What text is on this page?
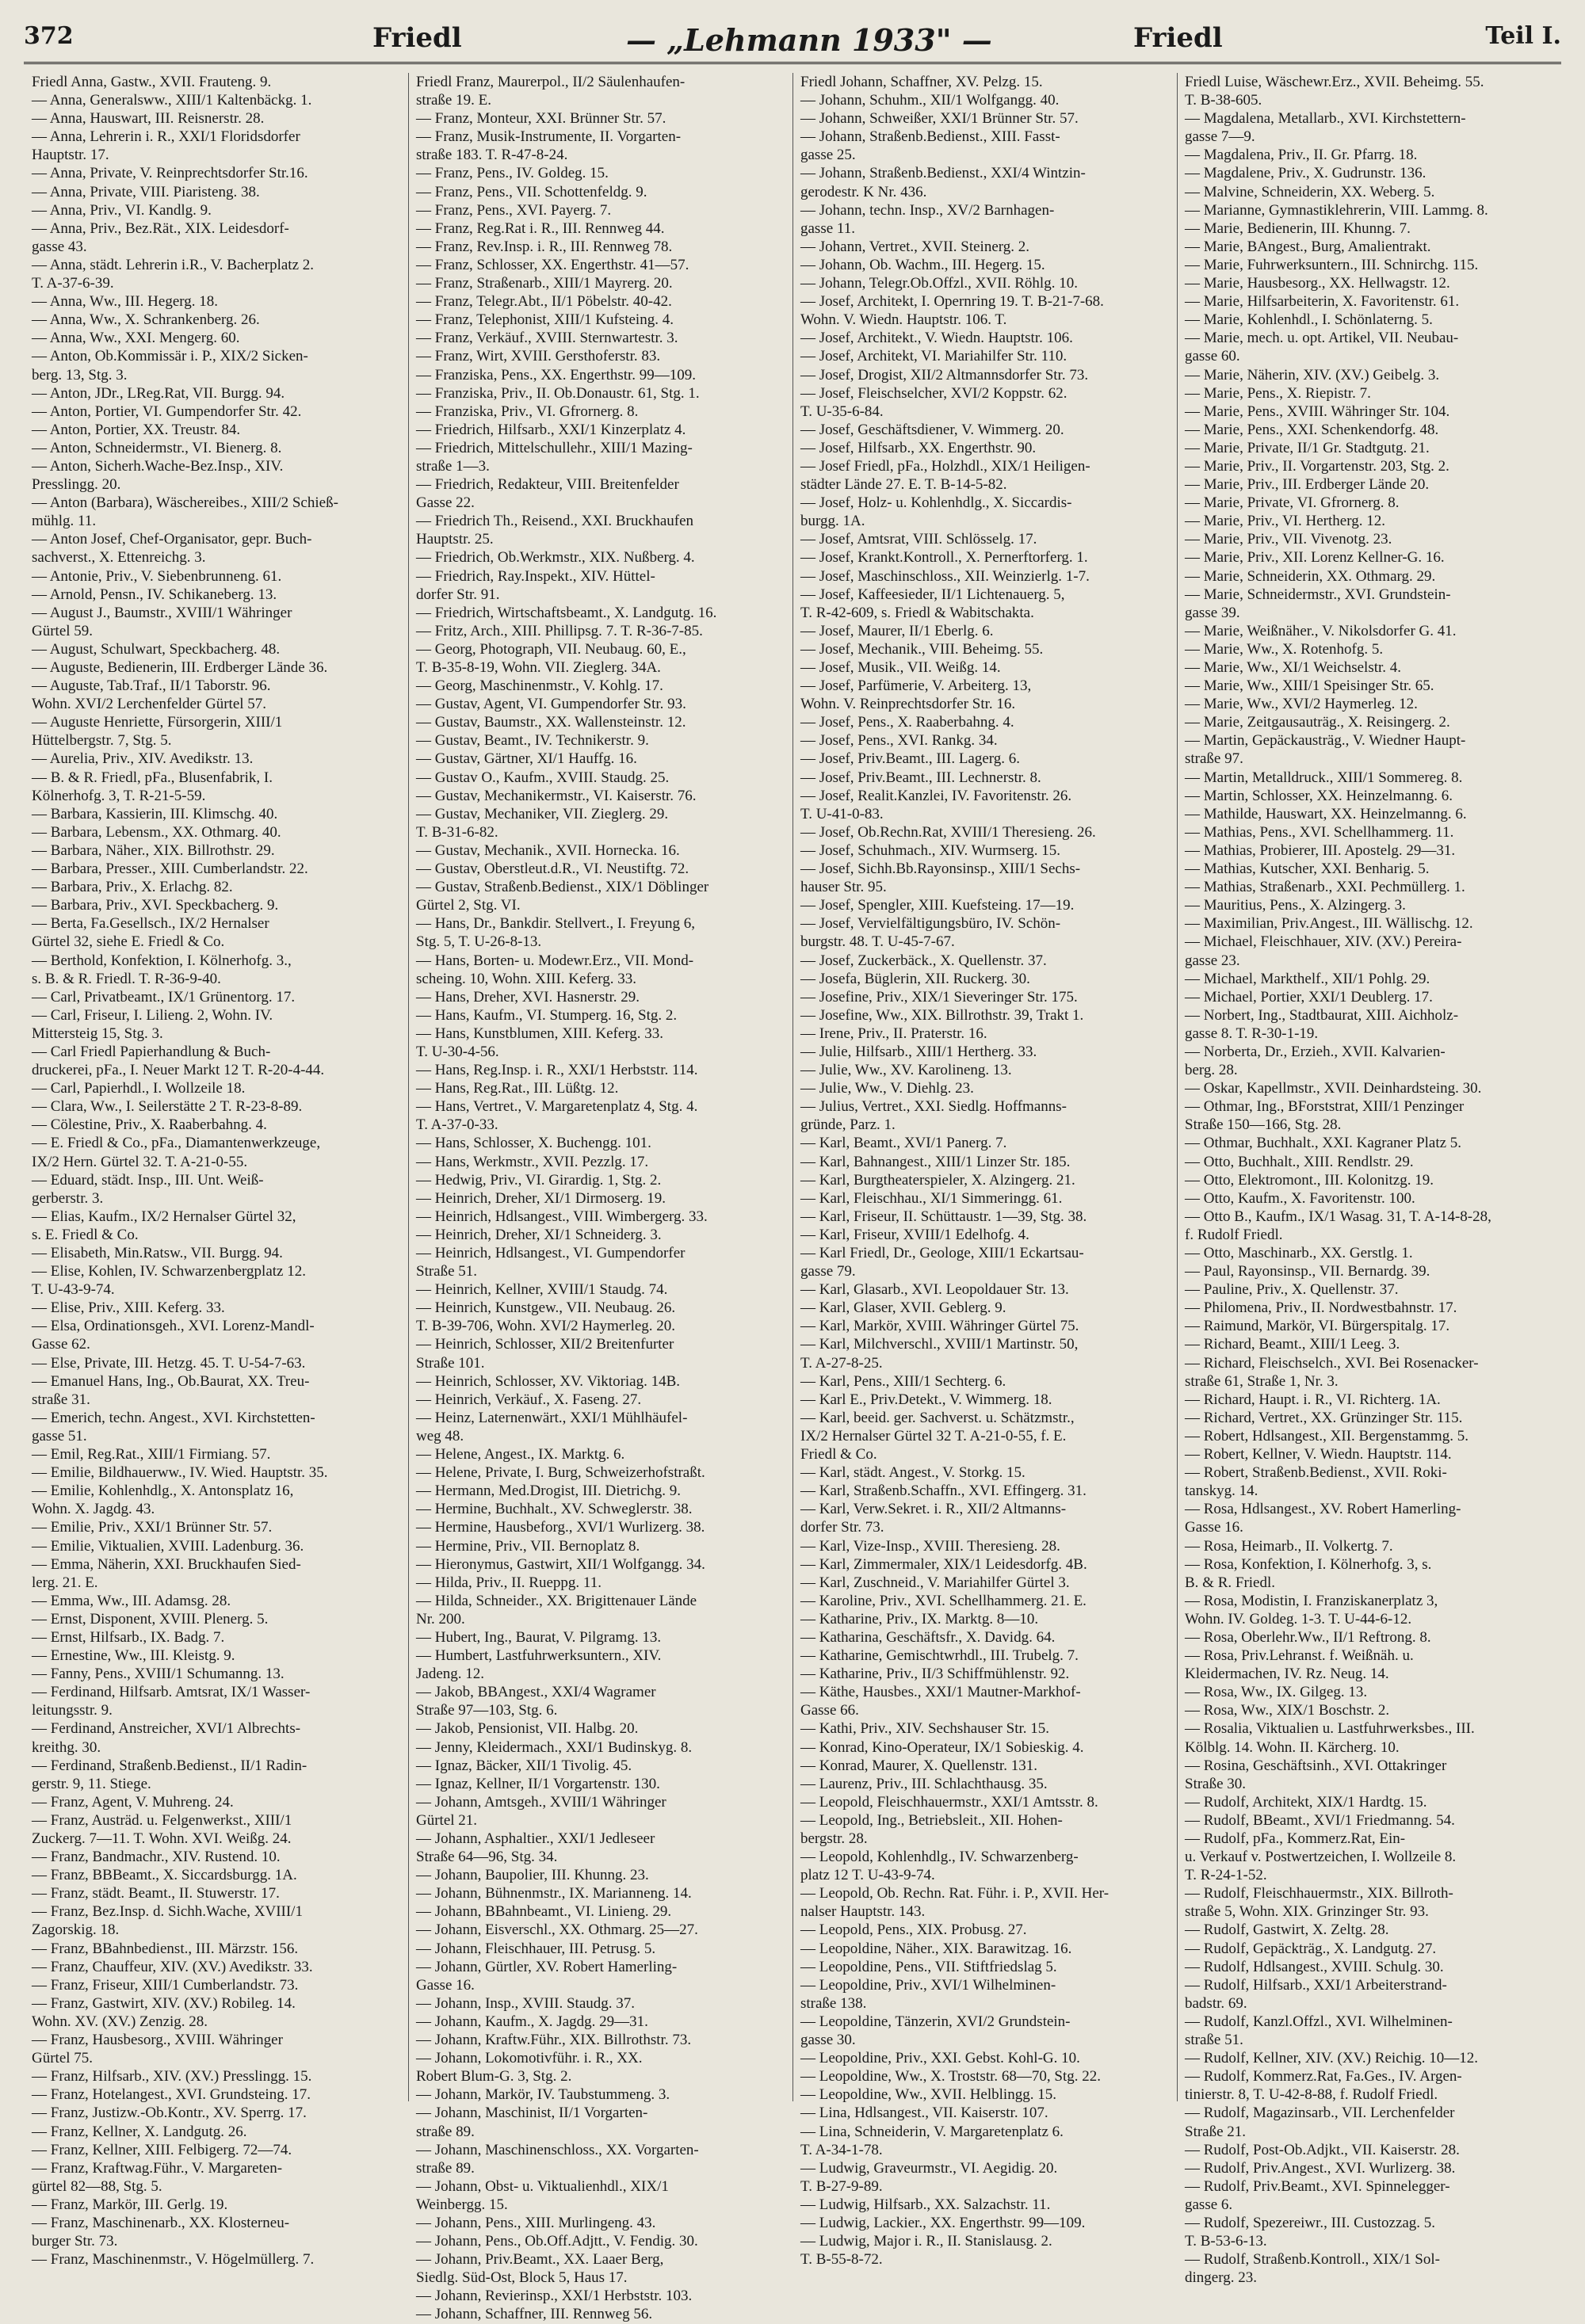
372	Friedl	— „Lehmann 1933" —	Friedl	Teil I.
Friedl Anna, Gastw., XVII. Frauteng. 9.
— Anna, Generalsww., XIII/1 Kaltenbäckg. 1.
— Anna, Hauswart, III. Reisnerstr. 28.
— Anna, Lehrerin i. R., XXI/1 Floridsdorfer
Hauptstr. 17.
— Anna, Private, V. Reinprechtsdorfer Str.16.
— Anna, Private, VIII. Piaristeng. 38.
— Anna, Priv., VI. Kandlg. 9.
— Anna, Priv., Bez.Rät., XIX. Leidesdorf-
gasse 43.
— Anna, städt. Lehrerin i.R., V. Bacherplatz 2.
T. A-37-6-39.
— Anna, Ww., III. Hegerg. 18.
— Anna, Ww., X. Schrankenberg. 26.
— Anna, Ww., XXI. Mengerg. 60.
— Anton, Ob.Kommissär i. P., XIX/2 Sicken-
berg. 13, Stg. 3.
— Anton, JDr., LReg.Rat, VII. Burgg. 94.
— Anton, Portier, VI. Gumpendorfer Str. 42.
— Anton, Portier, XX. Treustr. 84.
— Anton, Schneidermstr., VI. Bienerg. 8.
— Anton, Sicherh.Wache-Bez.Insp., XIV.
Presslingg. 20.
— Anton (Barbara), Wäschereibes., XIII/2 Schieß-
mühlg. 11.
— Anton Josef, Chef-Organisator, gepr. Buch-
sachverst., X. Ettenreichg. 3.
— Antonie, Priv., V. Siebenbrunneng. 61.
— Arnold, Pensn., IV. Schikaneberg. 13.
— August J., Baumstr., XVIII/1 Währinger
Gürtel 59.
— August, Schulwart, Speckbacherg. 48.
— Auguste, Bedienerin, III. Erdberger Lände 36.
— Auguste, Tab.Traf., II/1 Taborstr. 96.
Wohn. XVI/2 Lerchenfelder Gürtel 57.
— Auguste Henriette, Fürsorgerin, XIII/1
Hüttelbergstr. 7, Stg. 5.
— Aurelia, Priv., XIV. Avedikstr. 13.
— B. & R. Friedl, pFa., Blusenfabrik, I.
Kölnerhofg. 3, T. R-21-5-59.
— Barbara, Kassierin, III. Klimschg. 40.
— Barbara, Lebensm., XX. Othmarg. 40.
— Barbara, Näher., XIX. Billrothstr. 29.
— Barbara, Presser., XIII. Cumberlandstr. 22.
— Barbara, Priv., X. Erlachg. 82.
— Barbara, Priv., XVI. Speckbacherg. 9.
— Berta, Fa.Gesellsch., IX/2 Hernalser
Gürtel 32, siehe E. Friedl & Co.
— Berthold, Konfektion, I. Kölnerhofg. 3.,
s. B. & R. Friedl. T. R-36-9-40.
— Carl, Privatbeamt., IX/1 Grünentorg. 17.
— Carl, Friseur, I. Lilieng. 2, Wohn. IV.
Mittersteig 15, Stg. 3.
— Carl Friedl Papierhandlung & Buch-
druckerei, pFa., I. Neuer Markt 12 T. R-20-4-44.
— Carl, Papierhdl., I. Wollzeile 18.
— Clara, Ww., I. Seilerstätte 2 T. R-23-8-89.
— Cölestine, Priv., X. Raaberbahng. 4.
— E. Friedl & Co., pFa., Diamantenwerkzeuge,
IX/2 Hern. Gürtel 32. T. A-21-0-55.
— Eduard, städt. Insp., III. Unt. Weiß-
gerberstr. 3.
— Elias, Kaufm., IX/2 Hernalser Gürtel 32,
s. E. Friedl & Co.
— Elisabeth, Min.Ratsw., VII. Burgg. 94.
— Elise, Kohlen, IV. Schwarzenbergplatz 12.
T. U-43-9-74.
— Elise, Priv., XIII. Keferg. 33.
— Elsa, Ordinationsgeh., XVI. Lorenz-Mandl-
Gasse 62.
— Else, Private, III. Hetzg. 45. T. U-54-7-63.
— Emanuel Hans, Ing., Ob.Baurat, XX. Treu-
straße 31.
— Emerich, techn. Angest., XVI. Kirchstetten-
gasse 51.
— Emil, Reg.Rat., XIII/1 Firmiang. 57.
— Emilie, Bildhauerww., IV. Wied. Hauptstr. 35.
— Emilie, Kohlenhdlg., X. Antonsplatz 16,
Wohn. X. Jagdg. 43.
— Emilie, Priv., XXI/1 Brünner Str. 57.
— Emilie, Viktualien, XVIII. Ladenburg. 36.
— Emma, Näherin, XXI. Bruckhaufen Sied-
lerg. 21. E.
— Emma, Ww., III. Adamsg. 28.
— Ernst, Disponent, XVIII. Plenerg. 5.
— Ernst, Hilfsarb., IX. Badg. 7.
— Ernestine, Ww., III. Kleistg. 9.
— Fanny, Pens., XVIII/1 Schumanng. 13.
— Ferdinand, Hilfsarb. Amtsrat, IX/1 Wasser-
leitungsstr. 9.
— Ferdinand, Anstreicher, XVI/1 Albrechts-
kreithg. 30.
— Ferdinand, Straßenb.Bedienst., II/1 Radin-
gerstr. 9, 11. Stiege.
— Franz, Agent, V. Muhreng. 24.
— Franz, Austräd. u. Felgenwerkst., XIII/1
Zuckerg. 7—11. T. Wohn. XVI. Weißg. 24.
— Franz, Bandmachr., XIV. Rustend. 10.
— Franz, BBBeamt., X. Siccardsburgg. 1A.
— Franz, städt. Beamt., II. Stuwerstr. 17.
— Franz, Bez.Insp. d. Sichh.Wache, XVIII/1
Zagorskig. 18.
— Franz, BBahnbedienst., III. Märzstr. 156.
— Franz, Chauffeur, XIV. (XV.) Avedikstr. 33.
— Franz, Friseur, XIII/1 Cumberlandstr. 73.
— Franz, Gastwirt, XIV. (XV.) Robileg. 14.
Wohn. XV. (XV.) Zenzig. 28.
— Franz, Hausbesorg., XVIII. Währinger
Gürtel 75.
— Franz, Hilfsarb., XIV. (XV.) Presslingg. 15.
— Franz, Hotelangest., XVI. Grundsteing. 17.
— Franz, Justizw.-Ob.Kontr., XV. Sperrg. 17.
— Franz, Kellner, X. Landgutg. 26.
— Franz, Kellner, XIII. Felbigerg. 72—74.
— Franz, Kraftwag.Führ., V. Margareten-
gürtel 82—88, Stg. 5.
— Franz, Markör, III. Gerlg. 19.
— Franz, Maschinenarb., XX. Klosterneu-
burger Str. 73.
— Franz, Maschinenmstr., V. Högelmüllerg. 7.
Friedl Franz, Maurerpol., II/2 Säulenhaufen-
straße 19. E.
— Franz, Monteur, XXI. Brünner Str. 57.
— Franz, Musik-Instrumente, II. Vorgarten-
straße 183. T. R-47-8-24.
— Franz, Pens., IV. Goldeg. 15.
— Franz, Pens., VII. Schottenfeldg. 9.
— Franz, Pens., XVI. Payerg. 7.
— Franz, Reg.Rat i. R., III. Rennweg 44.
— Franz, Rev.Insp. i. R., III. Rennweg 78.
— Franz, Schlosser, XX. Engerthstr. 41—57.
— Franz, Straßenarb., XIII/1 Mayrerg. 20.
— Franz, Telegr.Abt., II/1 Pöbelstr. 40-42.
— Franz, Telephonist, XIII/1 Kufsteing. 4.
— Franz, Verkäuf., XVIII. Sternwartestr. 3.
— Franz, Wirt, XVIII. Gersthoferstr. 83.
— Franziska, Pens., XX. Engerthstr. 99—109.
— Franziska, Priv., II. Ob.Donaustr. 61, Stg. 1.
— Franziska, Priv., VI. Gfrornerg. 8.
— Friedrich, Hilfsarb., XXI/1 Kinzerplatz 4.
— Friedrich, Mittelschullehr., XIII/1 Mazing-
straße 1—3.
— Friedrich, Redakteur, VIII. Breitenfelder
Gasse 22.
— Friedrich Th., Reisend., XXI. Bruckhaufen
Hauptstr. 25.
— Friedrich, Ob.Werkmstr., XIX. Nußberg. 4.
— Friedrich, Ray.Inspekt., XIV. Hüttel-
dorfer Str. 91.
— Friedrich, Wirtschaftsbeamt., X. Landgutg. 16.
— Fritz, Arch., XIII. Phillipsg. 7. T. R-36-7-85.
— Georg, Photograph, VII. Neubaug. 60, E.,
T. B-35-8-19, Wohn. VII. Zieglerg. 34A.
— Georg, Maschinenmstr., V. Kohlg. 17.
— Gustav, Agent, VI. Gumpendorfer Str. 93.
— Gustav, Baumstr., XX. Wallensteinstr. 12.
— Gustav, Beamt., IV. Technikerstr. 9.
— Gustav, Gärtner, XI/1 Hauffg. 16.
— Gustav O., Kaufm., XVIII. Staudg. 25.
— Gustav, Mechanikermstr., VI. Kaiserstr. 76.
— Gustav, Mechaniker, VII. Zieglerg. 29.
T. B-31-6-82.
— Gustav, Mechanik., XVII. Hornecka. 16.
— Gustav, Oberstleut.d.R., VI. Neustiftg. 72.
— Gustav, Straßenb.Bedienst., XIX/1 Döblinger
Gürtel 2, Stg. VI.
— Hans, Dr., Bankdir. Stellvert., I. Freyung 6,
Stg. 5, T. U-26-8-13.
— Hans, Borten- u. Modewr.Erz., VII. Mond-
scheing. 10, Wohn. XIII. Keferg. 33.
— Hans, Dreher, XVI. Hasnerstr. 29.
— Hans, Kaufm., VI. Stumperg. 16, Stg. 2.
— Hans, Kunstblumen, XIII. Keferg. 33.
T. U-30-4-56.
— Hans, Reg.Insp. i. R., XXI/1 Herbststr. 114.
— Hans, Reg.Rat., III. Lüßtg. 12.
— Hans, Vertret., V. Margaretenplatz 4, Stg. 4.
T. A-37-0-33.
— Hans, Schlosser, X. Buchengg. 101.
— Hans, Werkmstr., XVII. Pezzlg. 17.
— Hedwig, Priv., VI. Girardig. 1, Stg. 2.
— Heinrich, Dreher, XI/1 Dirmoserg. 19.
— Heinrich, Hdlsangest., VIII. Wimbergerg. 33.
— Heinrich, Dreher, XI/1 Schneiderg. 3.
— Heinrich, Hdlsangest., VI. Gumpendorfer
Straße 51.
— Heinrich, Kellner, XVIII/1 Staudg. 74.
— Heinrich, Kunstgew., VII. Neubaug. 26.
T. B-39-706, Wohn. XVI/2 Haymerleg. 20.
— Heinrich, Schlosser, XII/2 Breitenfurter
Straße 101.
— Heinrich, Schlosser, XV. Viktoriag. 14B.
— Heinrich, Verkäuf., X. Faseng. 27.
— Heinz, Laternenwärt., XXI/1 Mühlhäufel-
weg 48.
— Helene, Angest., IX. Marktg. 6.
— Helene, Private, I. Burg, Schweizerhofstraßt.
— Hermann, Med.Drogist, III. Dietrichg. 9.
— Hermine, Buchhalt., XV. Schweglerstr. 38.
— Hermine, Hausbeforg., XVI/1 Wurlizerg. 38.
— Hermine, Priv., VII. Bernoplatz 8.
— Hieronymus, Gastwirt, XII/1 Wolfgangg. 34.
— Hilda, Priv., II. Rueppg. 11.
— Hilda, Schneider., XX. Brigittenauer Lände
Nr. 200.
— Hubert, Ing., Baurat, V. Pilgramg. 13.
— Humbert, Lastfuhrwerksuntern., XIV.
Jadeng. 12.
— Jakob, BBAngest., XXI/4 Wagramer
Straße 97—103, Stg. 6.
— Jakob, Pensionist, VII. Halbg. 20.
— Jenny, Kleidermach., XXI/1 Budinskyg. 8.
— Ignaz, Bäcker, XII/1 Tivolig. 45.
— Ignaz, Kellner, II/1 Vorgartenstr. 130.
— Johann, Amtsgeh., XVIII/1 Währinger
Gürtel 21.
— Johann, Asphaltier., XXI/1 Jedleseer
Straße 64—96, Stg. 34.
— Johann, Baupolier, III. Khunng. 23.
— Johann, Bühnenmstr., IX. Marianneng. 14.
— Johann, BBahnbeamt., VI. Linieng. 29.
— Johann, Eisverschl., XX. Othmarg. 25—27.
— Johann, Fleischhauer, III. Petrusg. 5.
— Johann, Gürtler, XV. Robert Hamerling-
Gasse 16.
— Johann, Insp., XVIII. Staudg. 37.
— Johann, Kaufm., X. Jagdg. 29—31.
— Johann, Kraftw.Führ., XIX. Billrothstr. 73.
— Johann, Lokomotivführ. i. R., XX.
Robert Blum-G. 3, Stg. 2.
— Johann, Markör, IV. Taubstummeng. 3.
— Johann, Maschinist, II/1 Vorgarten-
straße 89.
— Johann, Maschinenschloss., XX. Vorgarten-
straße 89.
— Johann, Obst- u. Viktualienhdl., XIX/1
Weinbergg. 15.
— Johann, Pens., XIII. Murlingeng. 43.
— Johann, Pens., Ob.Off.Adjtt., V. Fendig. 30.
— Johann, Priv.Beamt., XX. Laaer Berg,
Siedlg. Süd-Ost, Block 5, Haus 17.
— Johann, Revierinsp., XXI/1 Herbststr. 103.
— Johann, Schaffner, III. Rennweg 56.
Friedl Johann, Schaffner, XV. Pelzg. 15.
— Johann, Schuhm., XII/1 Wolfgangg. 40.
— Johann, Schweißer, XXI/1 Brünner Str. 57.
— Johann, Straßenb.Bedienst., XIII. Fasst-
gasse 25.
— Johann, Straßenb.Bedienst., XXI/4 Wintzin-
gerodestr. K Nr. 436.
— Johann, techn. Insp., XV/2 Barnhagen-
gasse 11.
— Johann, Vertret., XVII. Steinerg. 2.
— Johann, Ob. Wachm., III. Hegerg. 15.
— Johann, Telegr.Ob.Offzl., XVII. Röhlg. 10.
— Josef, Architekt, I. Opernring 19. T. B-21-7-68.
Wohn. V. Wiedn. Hauptstr. 106. T.
— Josef, Architekt., V. Wiedn. Hauptstr. 106.
— Josef, Architekt, VI. Mariahilfer Str. 110.
— Josef, Drogist, XII/2 Altmannsdorfer Str. 73.
— Josef, Fleischselcher, XVI/2 Koppstr. 62.
T. U-35-6-84.
— Josef, Geschäftsdiener, V. Wimmerg. 20.
— Josef, Hilfsarb., XX. Engerthstr. 90.
— Josef Friedl, pFa., Holzhdl., XIX/1 Heiligen-
städter Lände 27. E. T. B-14-5-82.
— Josef, Holz- u. Kohlenhdlg., X. Siccardis-
burgg. 1A.
— Josef, Amtsrat, VIII. Schlösselg. 17.
— Josef, Krankt.Kontroll., X. Pernerftorferg. 1.
— Josef, Maschinschloss., XII. Weinzierlg. 1-7.
— Josef, Kaffeesieder, II/1 Lichtenauerg. 5,
T. R-42-609, s. Friedl & Wabitschakta.
— Josef, Maurer, II/1 Eberlg. 6.
— Josef, Mechanik., VIII. Beheimg. 55.
— Josef, Musik., VII. Weißg. 14.
— Josef, Parfümerie, V. Arbeiterg. 13,
Wohn. V. Reinprechtsdorfer Str. 16.
— Josef, Pens., X. Raaberbahng. 4.
— Josef, Pens., XVI. Rankg. 34.
— Josef, Priv.Beamt., III. Lagerg. 6.
— Josef, Priv.Beamt., III. Lechnerstr. 8.
— Josef, Realit.Kanzlei, IV. Favoritenstr. 26.
T. U-41-0-83.
— Josef, Ob.Rechn.Rat, XVIII/1 Theresieng. 26.
— Josef, Schuhmach., XIV. Wurmserg. 15.
— Josef, Sichh.Bb.Rayonsinsp., XIII/1 Sechs-
hauser Str. 95.
— Josef, Spengler, XIII. Kuefsteing. 17—19.
— Josef, Vervielfältigungsbüro, IV. Schön-
burgstr. 48. T. U-45-7-67.
— Josef, Zuckerbäck., X. Quellenstr. 37.
— Josefa, Büglerin, XII. Ruckerg. 30.
— Josefine, Priv., XIX/1 Sieveringer Str. 175.
— Josefine, Ww., XIX. Billrothstr. 39, Trakt 1.
— Irene, Priv., II. Praterstr. 16.
— Julie, Hilfsarb., XIII/1 Hertherg. 33.
— Julie, Ww., XV. Karolineng. 13.
— Julie, Ww., V. Diehlg. 23.
— Julius, Vertret., XXI. Siedlg. Hoffmanns-
gründe, Parz. 1.
— Karl, Beamt., XVI/1 Panerg. 7.
— Karl, Bahnangest., XIII/1 Linzer Str. 185.
— Karl, Burgtheaterspieler, X. Alzingerg. 21.
— Karl, Fleischhau., XI/1 Simmeringg. 61.
— Karl, Friseur, II. Schüttaustr. 1—39, Stg. 38.
— Karl, Friseur, XVIII/1 Edelhofg. 4.
— Karl Friedl, Dr., Geologe, XIII/1 Eckartsau-
gasse 79.
— Karl, Glasarb., XVI. Leopoldauer Str. 13.
— Karl, Glaser, XVII. Geblerg. 9.
— Karl, Markör, XVIII. Währinger Gürtel 75.
— Karl, Milchverschl., XVIII/1 Martinstr. 50,
T. A-27-8-25.
— Karl, Pens., XIII/1 Sechterg. 6.
— Karl E., Priv.Detekt., V. Wimmerg. 18.
— Karl, beeid. ger. Sachverst. u. Schätzmstr.,
IX/2 Hernalser Gürtel 32 T. A-21-0-55, f. E.
Friedl & Co.
— Karl, städt. Angest., V. Storkg. 15.
— Karl, Straßenb.Schaffn., XVI. Effingerg. 31.
— Karl, Verw.Sekret. i. R., XII/2 Altmanns-
dorfer Str. 73.
— Karl, Vize-Insp., XVIII. Theresieng. 28.
— Karl, Zimmermaler, XIX/1 Leidesdorfg. 4B.
— Karl, Zuschneid., V. Mariahilfer Gürtel 3.
— Karoline, Priv., XVI. Schellhammerg. 21. E.
— Katharine, Priv., IX. Marktg. 8—10.
— Katharina, Geschäftsfr., X. Davidg. 64.
— Katharine, Gemischtwrhdl., III. Trubelg. 7.
— Katharine, Priv., II/3 Schiffmühlenstr. 92.
— Käthe, Hausbes., XXI/1 Mautner-Markhof-
Gasse 66.
— Kathi, Priv., XIV. Sechshauser Str. 15.
— Konrad, Kino-Operateur, IX/1 Sobieskig. 4.
— Konrad, Maurer, X. Quellenstr. 131.
— Laurenz, Priv., III. Schlachthausg. 35.
— Leopold, Fleischhauermstr., XXI/1 Amtsstr. 8.
— Leopold, Ing., Betriebsleit., XII. Hohen-
bergstr. 28.
— Leopold, Kohlenhdlg., IV. Schwarzenberg-
platz 12 T. U-43-9-74.
— Leopold, Ob. Rechn. Rat. Führ. i. P., XVII. Her-
nalser Hauptstr. 143.
— Leopold, Pens., XIX. Probusg. 27.
— Leopoldine, Näher., XIX. Barawitzag. 16.
— Leopoldine, Pens., VII. Stiftfriedslag 5.
— Leopoldine, Priv., XVI/1 Wilhelminen-
straße 138.
— Leopoldine, Tänzerin, XVI/2 Grundstein-
gasse 30.
— Leopoldine, Priv., XXI. Gebst. Kohl-G. 10.
— Leopoldine, Ww., X. Troststr. 68—70, Stg. 22.
— Leopoldine, Ww., XVII. Helblingg. 15.
— Lina, Hdlsangest., VII. Kaiserstr. 107.
— Lina, Schneiderin, V. Margaretenplatz 6.
T. A-34-1-78.
— Ludwig, Graveurmstr., VI. Aegidig. 20.
T. B-27-9-89.
— Ludwig, Hilfsarb., XX. Salzachstr. 11.
— Ludwig, Lackier., XX. Engerthstr. 99—109.
— Ludwig, Major i. R., II. Stanislausg. 2.
T. B-55-8-72.
Friedl Luise, Wäschewr.Erz., XVII. Beheimg. 55.
T. B-38-605.
— Magdalena, Metallarb., XVI. Kirchstettern-
gasse 7—9.
— Magdalena, Priv., II. Gr. Pfarrg. 18.
— Magdalene, Priv., X. Gudrunstr. 136.
— Malvine, Schneiderin, XX. Weberg. 5.
— Marianne, Gymnastiklehrerin, VIII. Lammg. 8.
— Marie, Bedienerin, III. Khunng. 7.
— Marie, BAngest., Burg, Amalientrakt.
— Marie, Fuhrwerksuntern., III. Schnirchg. 115.
— Marie, Hausbesorg., XX. Hellwagstr. 12.
— Marie, Hilfsarbeiterin, X. Favoritenstr. 61.
— Marie, Kohlenhdl., I. Schönlaterng. 5.
— Marie, mech. u. opt. Artikel, VII. Neubau-
gasse 60.
— Marie, Näherin, XIV. (XV.) Geibelg. 3.
— Marie, Pens., X. Riepistr. 7.
— Marie, Pens., XVIII. Währinger Str. 104.
— Marie, Pens., XXI. Schenkendorfg. 48.
— Marie, Private, II/1 Gr. Stadtgutg. 21.
— Marie, Priv., II. Vorgartenstr. 203, Stg. 2.
— Marie, Priv., III. Erdberger Lände 20.
— Marie, Private, VI. Gfrornerg. 8.
— Marie, Priv., VI. Hertherg. 12.
— Marie, Priv., VII. Vivenotg. 23.
— Marie, Priv., XII. Lorenz Kellner-G. 16.
— Marie, Schneiderin, XX. Othmarg. 29.
— Marie, Schneidermstr., XVI. Grundstein-
gasse 39.
— Marie, Weißnäher., V. Nikolsdorfer G. 41.
— Marie, Ww., X. Rotenhofg. 5.
— Marie, Ww., XI/1 Weichselstr. 4.
— Marie, Ww., XIII/1 Speisinger Str. 65.
— Marie, Ww., XVI/2 Haymerleg. 12.
— Marie, Zeitgausauträg., X. Reisingerg. 2.
— Martin, Gepäckausträg., V. Wiedner Haupt-
straße 97.
— Martin, Metalldruck., XIII/1 Sommereg. 8.
— Martin, Schlosser, XX. Heinzelmanng. 6.
— Mathilde, Hauswart, XX. Heinzelmanng. 6.
— Mathias, Pens., XVI. Schellhammerg. 11.
— Mathias, Probierer, III. Apostelg. 29—31.
— Mathias, Kutscher, XXI. Benharig. 5.
— Mathias, Straßenarb., XXI. Pechmüllerg. 1.
— Mauritius, Pens., X. Alzingerg. 3.
— Maximilian, Priv.Angest., III. Wällischg. 12.
— Michael, Fleischhauer, XIV. (XV.) Pereira-
gasse 23.
— Michael, Markthelf., XII/1 Pohlg. 29.
— Michael, Portier, XXI/1 Deublerg. 17.
— Norbert, Ing., Stadtbaurat, XIII. Aichholz-
gasse 8. T. R-30-1-19.
— Norberta, Dr., Erzieh., XVII. Kalvarien-
berg. 28.
— Oskar, Kapellmstr., XVII. Deinhardsteing. 30.
— Othmar, Ing., BForststrat, XIII/1 Penzinger
Straße 150—166, Stg. 28.
— Othmar, Buchhalt., XXI. Kagraner Platz 5.
— Otto, Buchhalt., XIII. Rendlstr. 29.
— Otto, Elektromont., III. Kolonitzg. 19.
— Otto, Kaufm., X. Favoritenstr. 100.
— Otto B., Kaufm., IX/1 Wasag. 31, T. A-14-8-28,
f. Rudolf Friedl.
— Otto, Maschinarb., XX. Gerstlg. 1.
— Paul, Rayonsinsp., VII. Bernardg. 39.
— Pauline, Priv., X. Quellenstr. 37.
— Philomena, Priv., II. Nordwestbahnstr. 17.
— Raimund, Markör, VI. Bürgerspitalg. 17.
— Richard, Beamt., XIII/1 Leeg. 3.
— Richard, Fleischselch., XVI. Bei Rosenacker-
straße 61, Straße 1, Nr. 3.
— Richard, Haupt. i. R., VI. Richterg. 1A.
— Richard, Vertret., XX. Grünzinger Str. 115.
— Robert, Hdlsangest., XII. Bergenstammg. 5.
— Robert, Kellner, V. Wiedn. Hauptstr. 114.
— Robert, Straßenb.Bedienst., XVII. Roki-
tanskyg. 14.
— Rosa, Hdlsangest., XV. Robert Hamerling-
Gasse 16.
— Rosa, Heimarb., II. Volkertg. 7.
— Rosa, Konfektion, I. Kölnerhofg. 3, s.
B. & R. Friedl.
— Rosa, Modistin, I. Franziskanerplatz 3,
Wohn. IV. Goldeg. 1-3. T. U-44-6-12.
— Rosa, Oberlehr.Ww., II/1 Reftrong. 8.
— Rosa, Priv.Lehranst. f. Weißnäh. u.
Kleidermachen, IV. Rz. Neug. 14.
— Rosa, Ww., IX. Gilgeg. 13.
— Rosa, Ww., XIX/1 Boschstr. 2.
— Rosalia, Viktualien u. Lastfuhrwerksbes., III.
Kölblg. 14. Wohn. II. Kärcherg. 10.
— Rosina, Geschäftsinh., XVI. Ottakringer
Straße 30.
— Rudolf, Architekt, XIX/1 Hardtg. 15.
— Rudolf, BBeamt., XVI/1 Friedmanng. 54.
— Rudolf, pFa., Kommerz.Rat, Ein-
u. Verkauf v. Postwertzeichen, I. Wollzeile 8.
T. R-24-1-52.
— Rudolf, Fleischhauermstr., XIX. Billroth-
straße 5, Wohn. XIX. Grinzinger Str. 93.
— Rudolf, Gastwirt, X. Zeltg. 28.
— Rudolf, Gepäckträg., X. Landgutg. 27.
— Rudolf, Hdlsangest., XVIII. Schulg. 30.
— Rudolf, Hilfsarb., XXI/1 Arbeiterstrand-
badstr. 69.
— Rudolf, Kanzl.Offzl., XVI. Wilhelminen-
straße 51.
— Rudolf, Kellner, XIV. (XV.) Reichig. 10—12.
— Rudolf, Kommerz.Rat, Fa.Ges., IV. Argen-
tinierstr. 8, T. U-42-8-88, f. Rudolf Friedl.
— Rudolf, Magazinsarb., VII. Lerchenfelder
Straße 21.
— Rudolf, Post-Ob.Adjkt., VII. Kaiserstr. 28.
— Rudolf, Priv.Angest., XVI. Wurlizerg. 38.
— Rudolf, Priv.Beamt., XVI. Spinnelegger-
gasse 6.
— Rudolf, Spezereiwr., III. Custozzag. 5.
T. B-53-6-13.
— Rudolf, Straßenb.Kontroll., XIX/1 Sol-
dingerg. 23.
